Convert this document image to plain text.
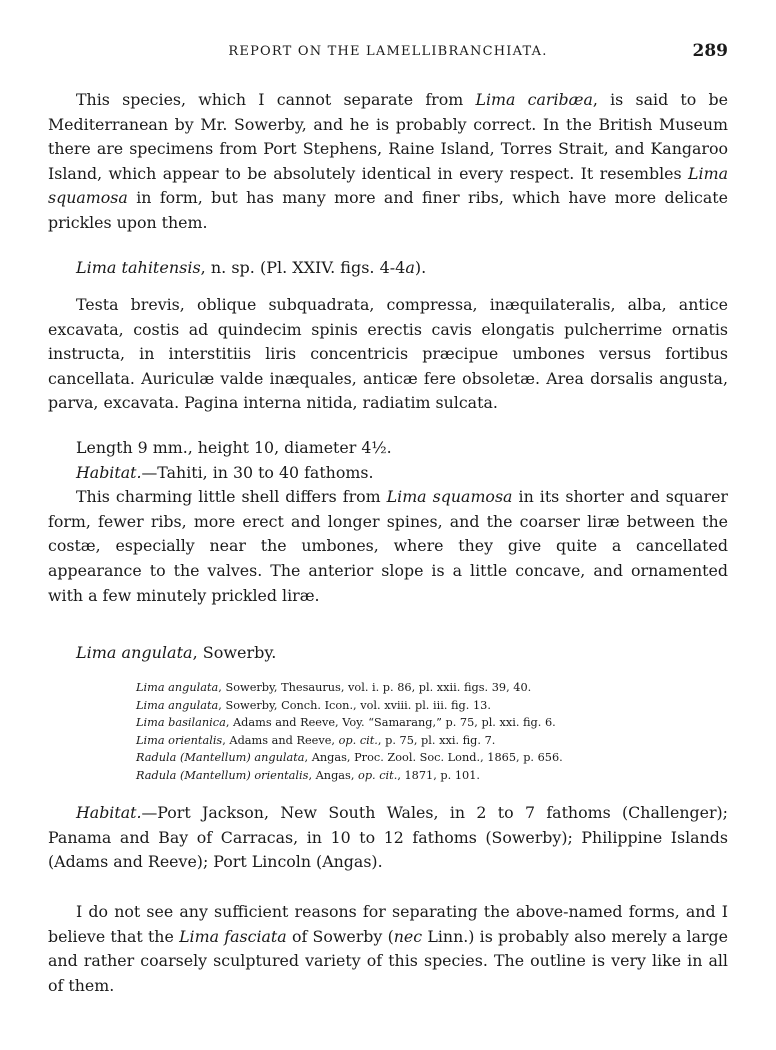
REPORT ON THE LAMELLIBRANCHIATA.	289

This species, which I cannot separate from Lima caribæa, is said to be Mediterranean by Mr. Sowerby, and he is probably correct. In the British Museum there are specimens from Port Stephens, Raine Island, Torres Strait, and Kangaroo Island, which appear to be absolutely identical in every respect. It resembles Lima squamosa in form, but has many more and finer ribs, which have more delicate prickles upon them.

Lima tahitensis, n. sp. (Pl. XXIV. figs. 4-4a).

Testa brevis, oblique subquadrata, compressa, inæquilateralis, alba, antice excavata, costis ad quindecim spinis erectis cavis elongatis pulcherrime ornatis instructa, in interstitiis liris concentricis præcipue umbones versus fortibus cancellata. Auriculæ valde inæquales, anticæ fere obsoletæ. Area dorsalis angusta, parva, excavata. Pagina interna nitida, radiatim sulcata.

Length 9 mm., height 10, diameter 4½.

Habitat.—Tahiti, in 30 to 40 fathoms.

This charming little shell differs from Lima squamosa in its shorter and squarer form, fewer ribs, more erect and longer spines, and the coarser liræ between the costæ, especially near the umbones, where they give quite a cancellated appearance to the valves. The anterior slope is a little concave, and ornamented with a few minutely prickled liræ.

Lima angulata, Sowerby.

Lima angulata, Sowerby, Thesaurus, vol. i. p. 86, pl. xxii. figs. 39, 40.
Lima angulata, Sowerby, Conch. Icon., vol. xviii. pl. iii. fig. 13.
Lima basilanica, Adams and Reeve, Voy. “Samarang,” p. 75, pl. xxi. fig. 6.
Lima orientalis, Adams and Reeve, op. cit., p. 75, pl. xxi. fig. 7.
Radula (Mantellum) angulata, Angas, Proc. Zool. Soc. Lond., 1865, p. 656.
Radula (Mantellum) orientalis, Angas, op. cit., 1871, p. 101.

Habitat.—Port Jackson, New South Wales, in 2 to 7 fathoms (Challenger); Panama and Bay of Carracas, in 10 to 12 fathoms (Sowerby); Philippine Islands (Adams and Reeve); Port Lincoln (Angas).

I do not see any sufficient reasons for separating the above-named forms, and I believe that the Lima fasciata of Sowerby (nec Linn.) is probably also merely a large and rather coarsely sculptured variety of this species. The outline is very like in all of them.
